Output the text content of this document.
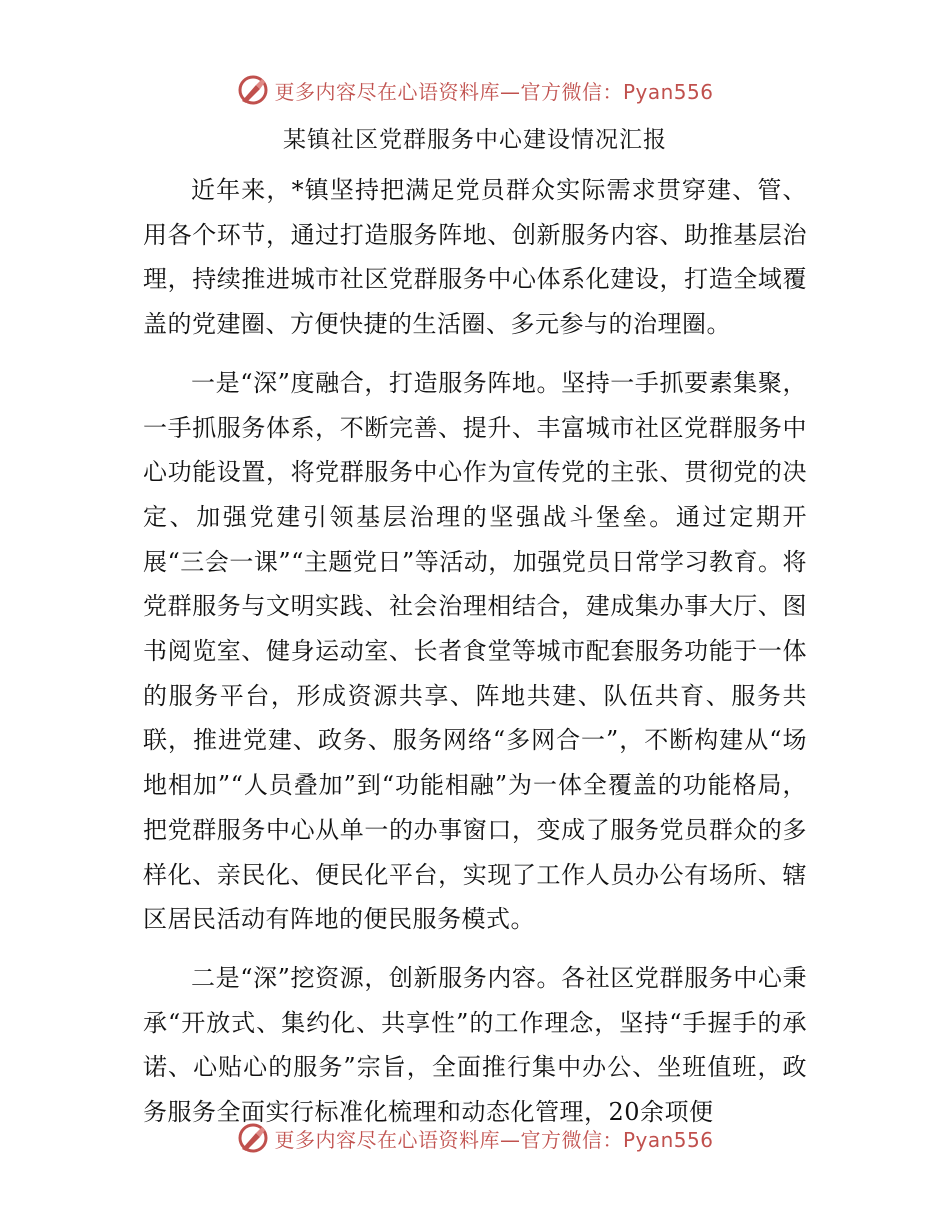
更多内容尽在心语资料库—官方微信：Pyan556
某镇社区党群服务中心建设情况汇报

近年来，*镇坚持把满足党员群众实际需求贯穿建、管、用各个环节，通过打造服务阵地、创新服务内容、助推基层治理，持续推进城市社区党群服务中心体系化建设，打造全域覆盖的党建圈、方便快捷的生活圈、多元参与的治理圈。

一是“深”度融合，打造服务阵地。坚持一手抓要素集聚，一手抓服务体系，不断完善、提升、丰富城市社区党群服务中心功能设置，将党群服务中心作为宣传党的主张、贯彻党的决定、加强党建引领基层治理的坚强战斗堡垒。通过定期开展“三会一课”“主题党日”等活动，加强党员日常学习教育。将党群服务与文明实践、社会治理相结合，建成集办事大厅、图书阅览室、健身运动室、长者食堂等城市配套服务功能于一体的服务平台，形成资源共享、阵地共建、队伍共育、服务共联，推进党建、政务、服务网络“多网合一”，不断构建从“场地相加”“人员叠加”到“功能相融”为一体全覆盖的功能格局，把党群服务中心从单一的办事窗口，变成了服务党员群众的多样化、亲民化、便民化平台，实现了工作人员办公有场所、辖区居民活动有阵地的便民服务模式。

二是“深”挖资源，创新服务内容。各社区党群服务中心秉承“开放式、集约化、共享性”的工作理念，坚持“手握手的承诺、心贴心的服务”宗旨，全面推行集中办公、坐班值班，政务服务全面实行标准化梳理和动态化管理，20余项便

更多内容尽在心语资料库—官方微信：Pyan556
